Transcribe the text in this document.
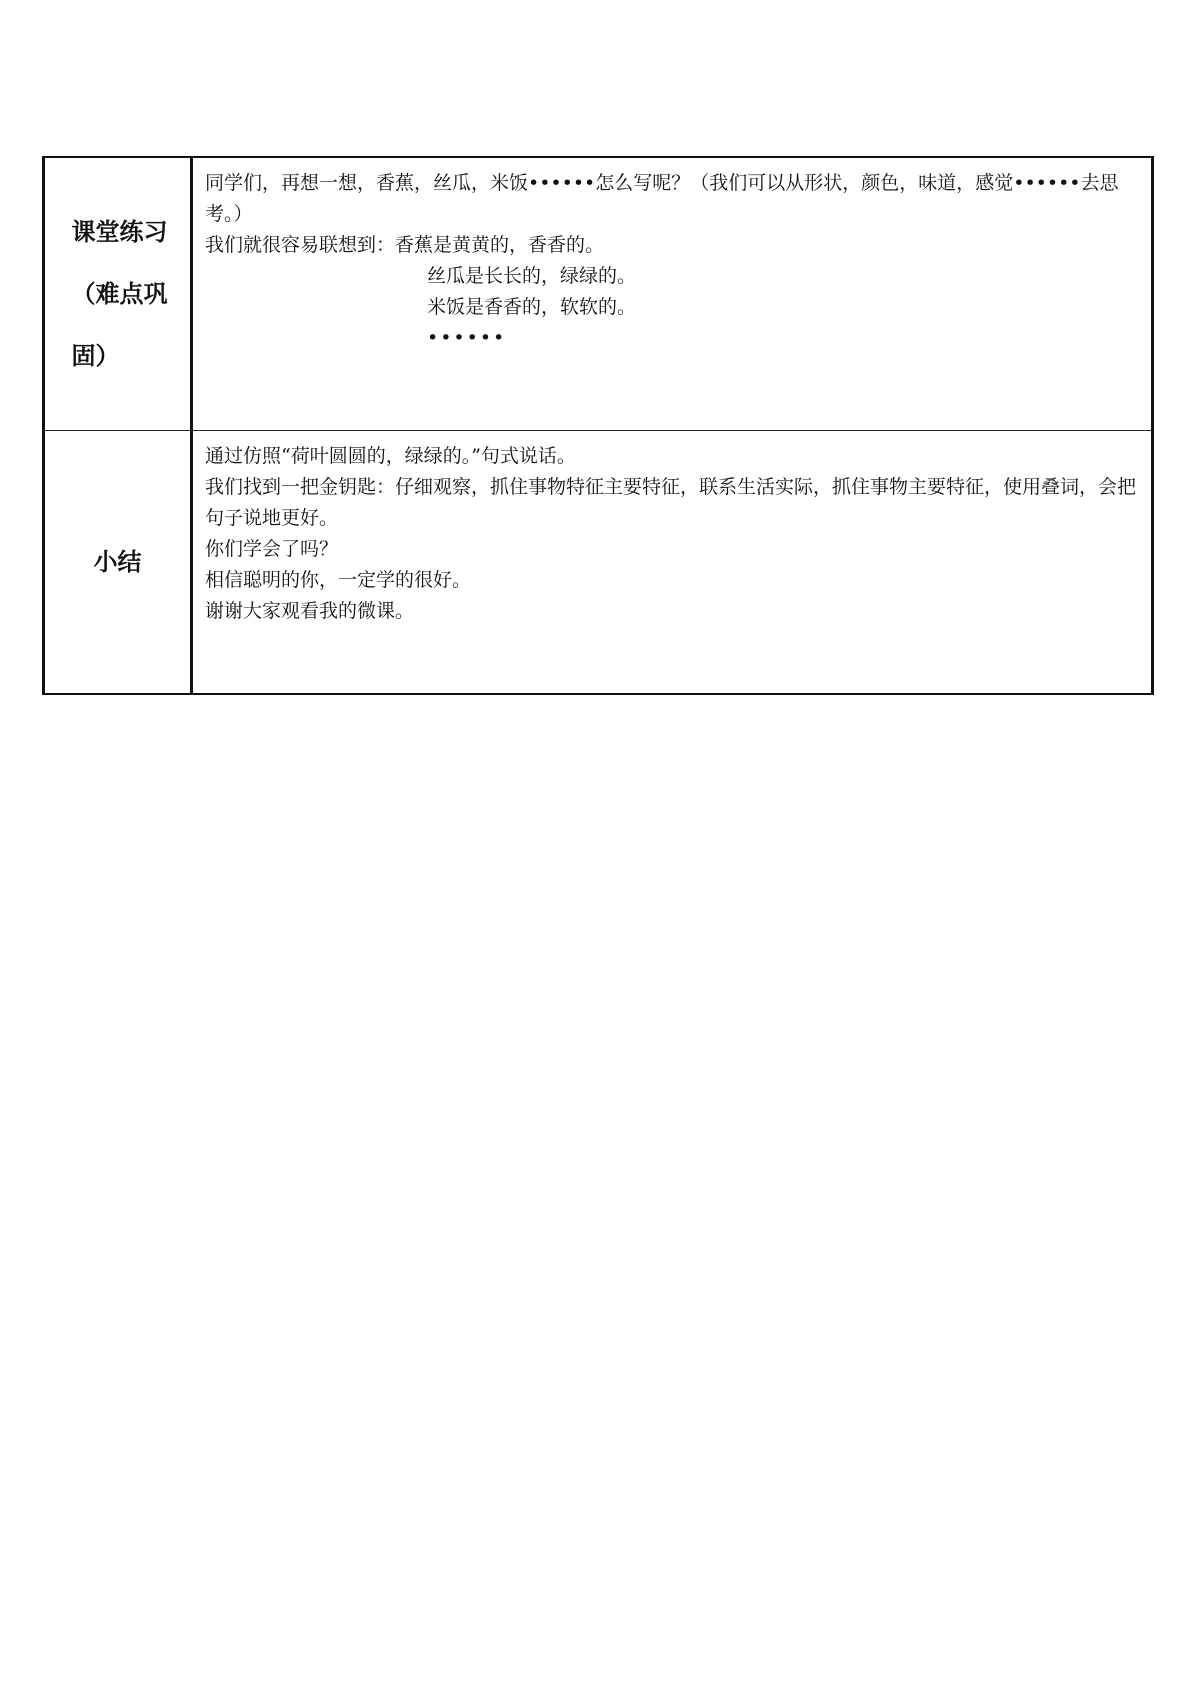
课堂练习
（难点巩
固）	同学们，再想一想，香蕉，丝瓜，米饭••••••怎么写呢？（我们可以从形状，颜色，味道，感觉••••••去思考。）
我们就很容易联想到：香蕉是黄黄的，香香的。
丝瓜是长长的，绿绿的。
米饭是香香的，软软的。
••••••

小结	通过仿照“荷叶圆圆的，绿绿的。”句式说话。
我们找到一把金钥匙：仔细观察，抓住事物特征主要特征，联系生活实际，抓住事物主要特征，使用叠词，会把句子说地更好。
你们学会了吗？
相信聪明的你，一定学的很好。
谢谢大家观看我的微课。
